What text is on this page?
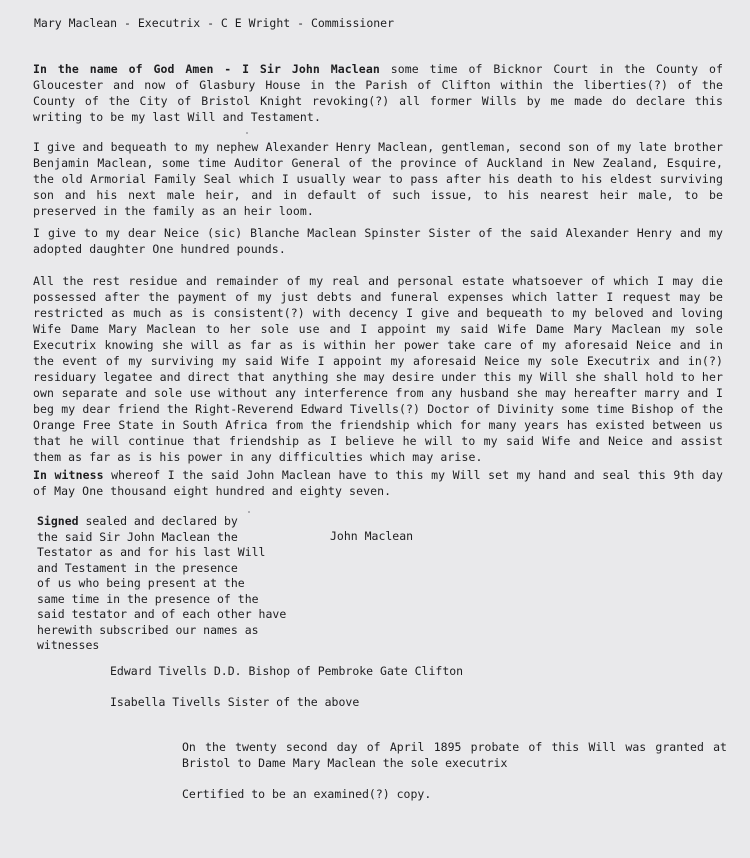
Mary Maclean - Executrix - C E Wright - Commissioner

In the name of God Amen - I Sir John Maclean some time of Bicknor Court in the County of Gloucester and now of Glasbury House in the Parish of Clifton within the liberties(?) of the County of the City of Bristol Knight revoking(?) all former Wills by me made do declare this writing to be my last Will and Testament.

I give and bequeath to my nephew Alexander Henry Maclean, gentleman, second son of my late brother Benjamin Maclean, some time Auditor General of the province of Auckland in New Zealand, Esquire, the old Armorial Family Seal which I usually wear to pass after his death to his eldest surviving son and his next male heir, and in default of such issue, to his nearest heir male, to be preserved in the family as an heir loom.

I give to my dear Neice (sic) Blanche Maclean Spinster Sister of the said Alexander Henry and my adopted daughter One hundred pounds.

All the rest residue and remainder of my real and personal estate whatsoever of which I may die possessed after the payment of my just debts and funeral expenses which latter I request may be restricted as much as is consistent(?) with decency I give and bequeath to my beloved and loving Wife Dame Mary Maclean to her sole use and I appoint my said Wife Dame Mary Maclean my sole Executrix knowing she will as far as is within her power take care of my aforesaid Neice and in the event of my surviving my said Wife I appoint my aforesaid Neice my sole Executrix and in(?) residuary legatee and direct that anything she may desire under this my Will she shall hold to her own separate and sole use without any interference from any husband she may hereafter marry and I beg my dear friend the Right-Reverend Edward Tivells(?) Doctor of Divinity some time Bishop of the Orange Free State in South Africa from the friendship which for many years has existed between us that he will continue that friendship as I believe he will to my said Wife and Neice and assist them as far as is his power in any difficulties which may arise.

In witness whereof I the said John Maclean have to this my Will set my hand and seal this 9th day of May One thousand eight hundred and eighty seven.

Signed sealed and declared by
the said Sir John Maclean the
Testator as and for his last Will
and Testament in the presence
of us who being present at the
same time in the presence of the
said testator and of each other have
herewith subscribed our names as
witnesses
John Maclean
Edward Tivells D.D. Bishop of Pembroke Gate Clifton
Isabella Tivells Sister of the above

On the twenty second day of April 1895 probate of this Will was granted at Bristol to Dame Mary Maclean the sole executrix

Certified to be an examined(?) copy.
